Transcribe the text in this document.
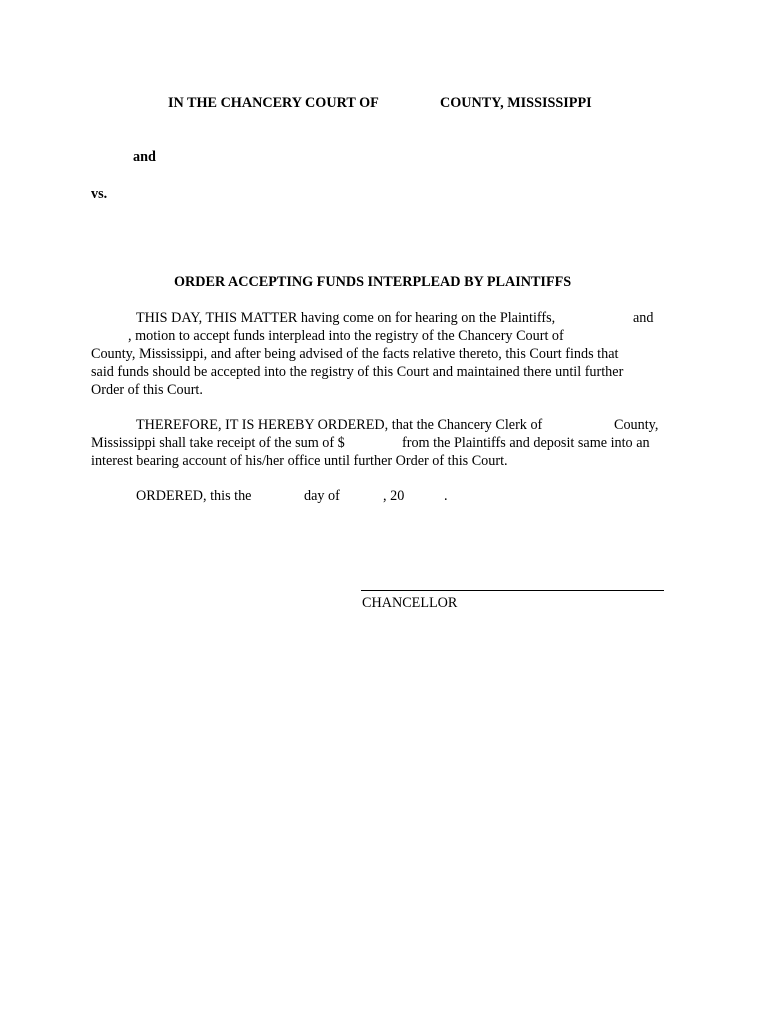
IN THE CHANCERY COURT OF	COUNTY, MISSISSIPPI
and
vs.
ORDER ACCEPTING FUNDS INTERPLEAD BY PLAINTIFFS
THIS DAY, THIS MATTER having come on for hearing on the Plaintiffs,	and
, motion to accept funds interplead into the registry of the Chancery Court of
County, Mississippi, and after being advised of the facts relative thereto, this Court finds that
said funds should be accepted into the registry of this Court and maintained there until further
Order of this Court.
THEREFORE, IT IS HEREBY ORDERED, that the Chancery Clerk of	County,
Mississippi shall take receipt of the sum of $	from the Plaintiffs and deposit same into an
interest bearing account of his/her office until further Order of this Court.
ORDERED, this the	day of	, 20	.
CHANCELLOR
